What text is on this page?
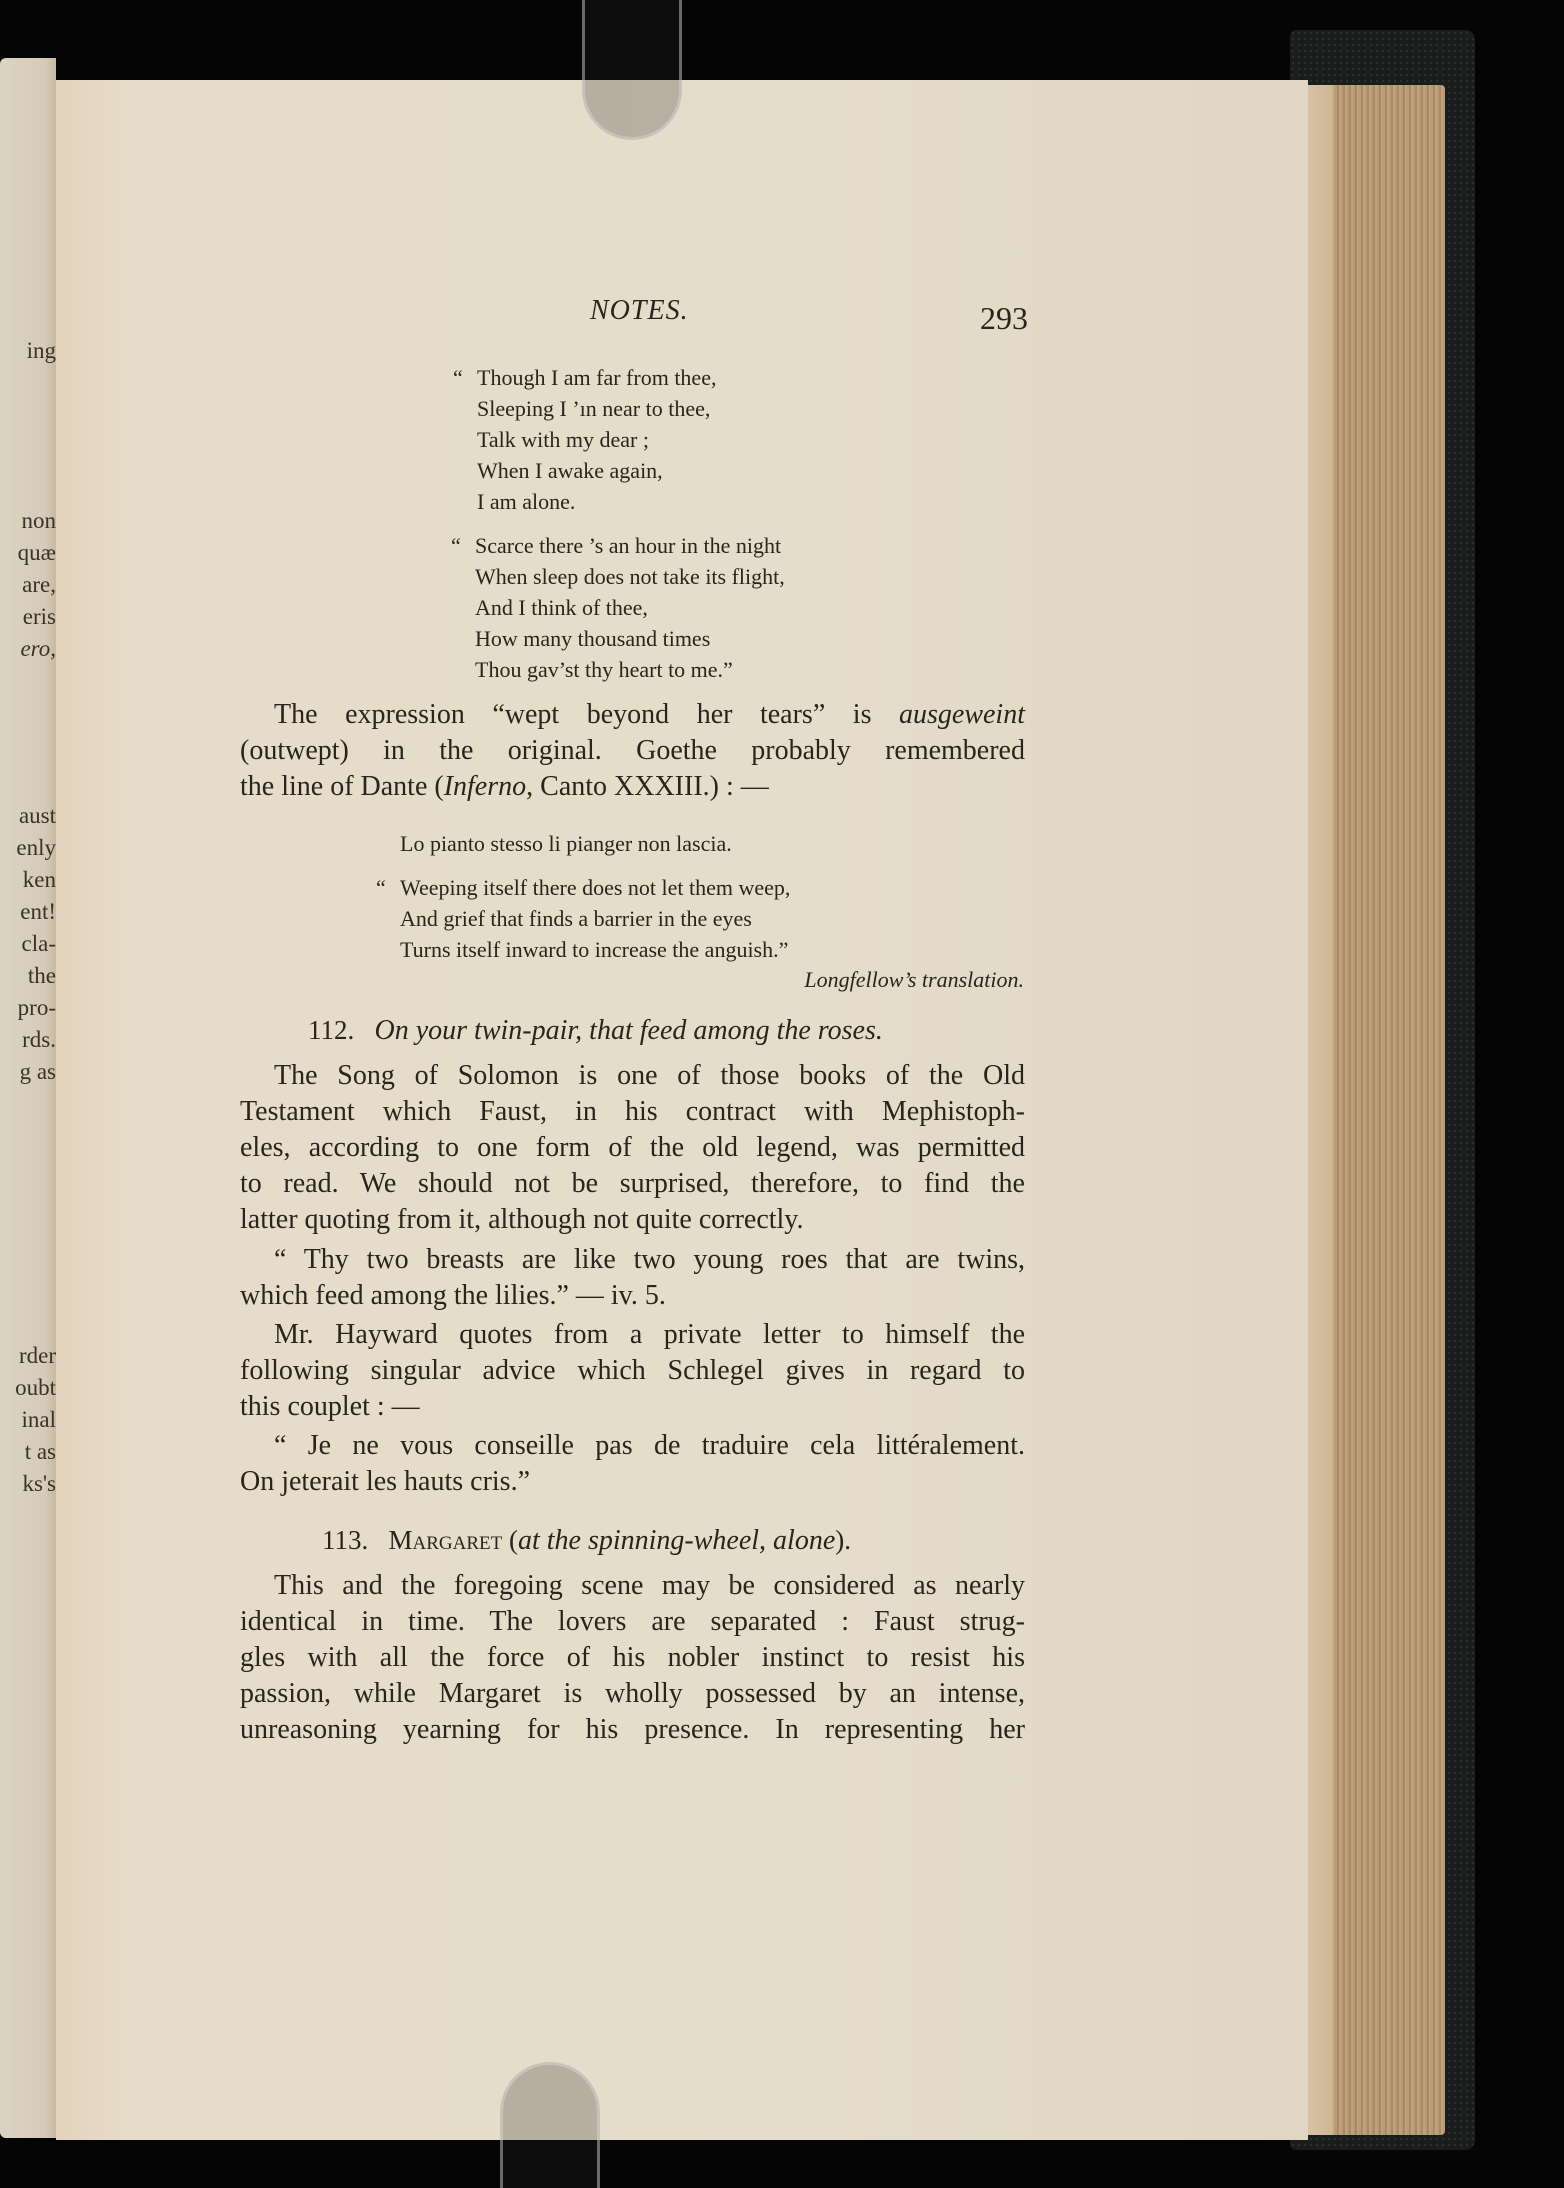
NOTES.	293
“ Though I am far from thee,
Sleeping I ’ın near to thee,
Talk with my dear ;
When I awake again,
I am alone.
“ Scarce there ’s an hour in the night
When sleep does not take its flight,
And I think of thee,
How many thousand times
Thou gav’st thy heart to me.”
The expression “wept beyond her tears” is ausgeweint
(outwept) in the original. Goethe probably remembered
the line of Dante (Inferno, Canto XXXIII.) : —
Lo pianto stesso li pianger non lascia.
“ Weeping itself there does not let them weep,
And grief that finds a barrier in the eyes
Turns itself inward to increase the anguish.”
Longfellow’s translation.
112. On your twin-pair, that feed among the roses.
The Song of Solomon is one of those books of the Old
Testament which Faust, in his contract with Mephistoph-
eles, according to one form of the old legend, was permitted
to read. We should not be surprised, therefore, to find the
latter quoting from it, although not quite correctly.
“ Thy two breasts are like two young roes that are twins,
which feed among the lilies.” — iv. 5.
Mr. Hayward quotes from a private letter to himself the
following singular advice which Schlegel gives in regard to
this couplet : —
“ Je ne vous conseille pas de traduire cela littéralement.
On jeterait les hauts cris.”
113. Margaret (at the spinning-wheel, alone).
This and the foregoing scene may be considered as nearly
identical in time. The lovers are separated : Faust strug-
gles with all the force of his nobler instinct to resist his
passion, while Margaret is wholly possessed by an intense,
unreasoning yearning for his presence. In representing her
ing
non
quæ
are,
eris
ero,
aust
enly
ken
ent!
cla-
the
pro-
rds.
g as
rder
oubt
inal
t as
ks's
